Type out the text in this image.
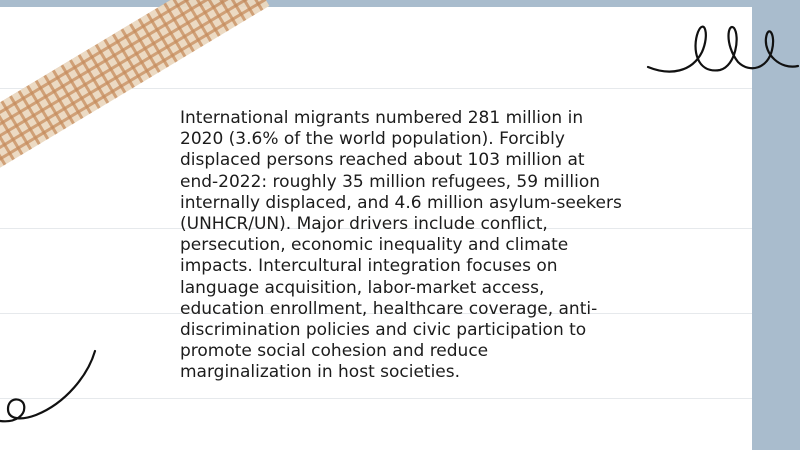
International migrants numbered 281 million in 2020 (3.6% of the world population). Forcibly displaced persons reached about 103 million at end-2022: roughly 35 million refugees, 59 million internally displaced, and 4.6 million asylum-seekers (UNHCR/UN). Major drivers include conflict, persecution, economic inequality and climate impacts. Intercultural integration focuses on language acquisition, labor-market access, education enrollment, healthcare coverage, anti-discrimination policies and civic participation to promote social cohesion and reduce marginalization in host societies.
